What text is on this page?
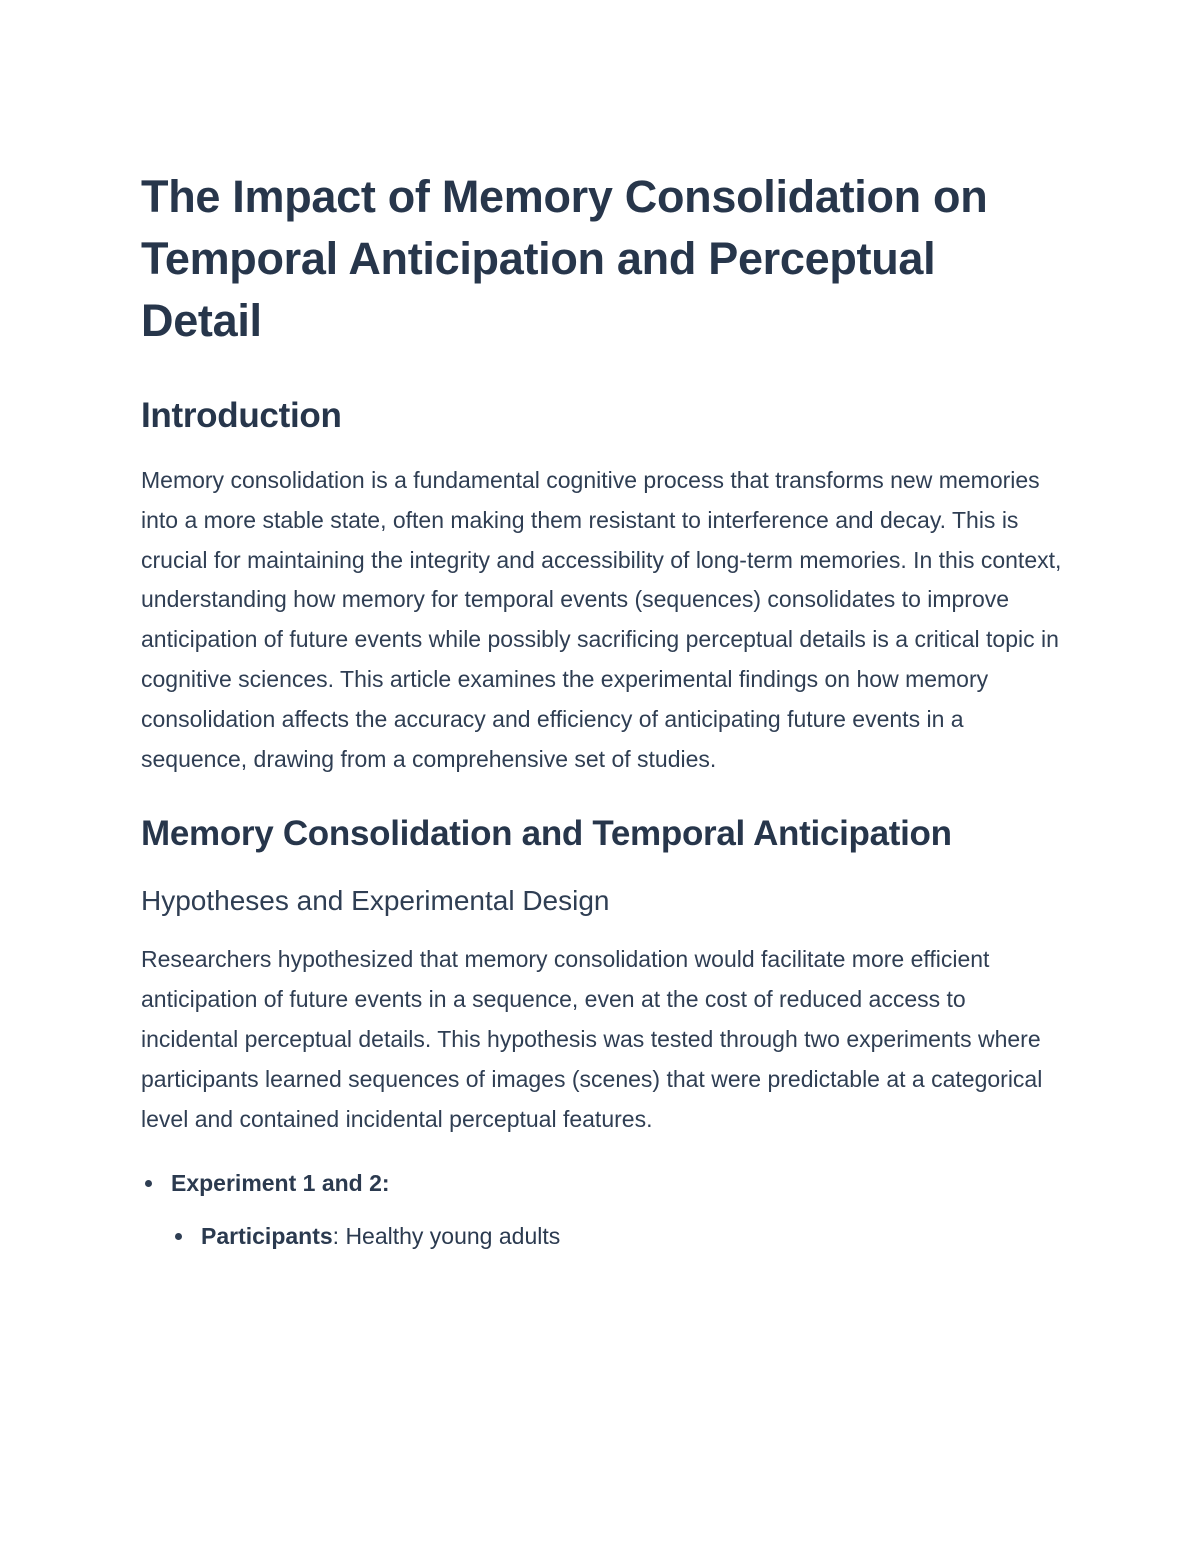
The Impact of Memory Consolidation on Temporal Anticipation and Perceptual Detail
Introduction

Memory consolidation is a fundamental cognitive process that transforms new memories into a more stable state, often making them resistant to interference and decay. This is crucial for maintaining the integrity and accessibility of long-term memories. In this context, understanding how memory for temporal events (sequences) consolidates to improve anticipation of future events while possibly sacrificing perceptual details is a critical topic in cognitive sciences. This article examines the experimental findings on how memory consolidation affects the accuracy and efficiency of anticipating future events in a sequence, drawing from a comprehensive set of studies.

Memory Consolidation and Temporal Anticipation
Hypotheses and Experimental Design

Researchers hypothesized that memory consolidation would facilitate more efficient anticipation of future events in a sequence, even at the cost of reduced access to incidental perceptual details. This hypothesis was tested through two experiments where participants learned sequences of images (scenes) that were predictable at a categorical level and contained incidental perceptual features.

Experiment 1 and 2:
Participants: Healthy young adults
